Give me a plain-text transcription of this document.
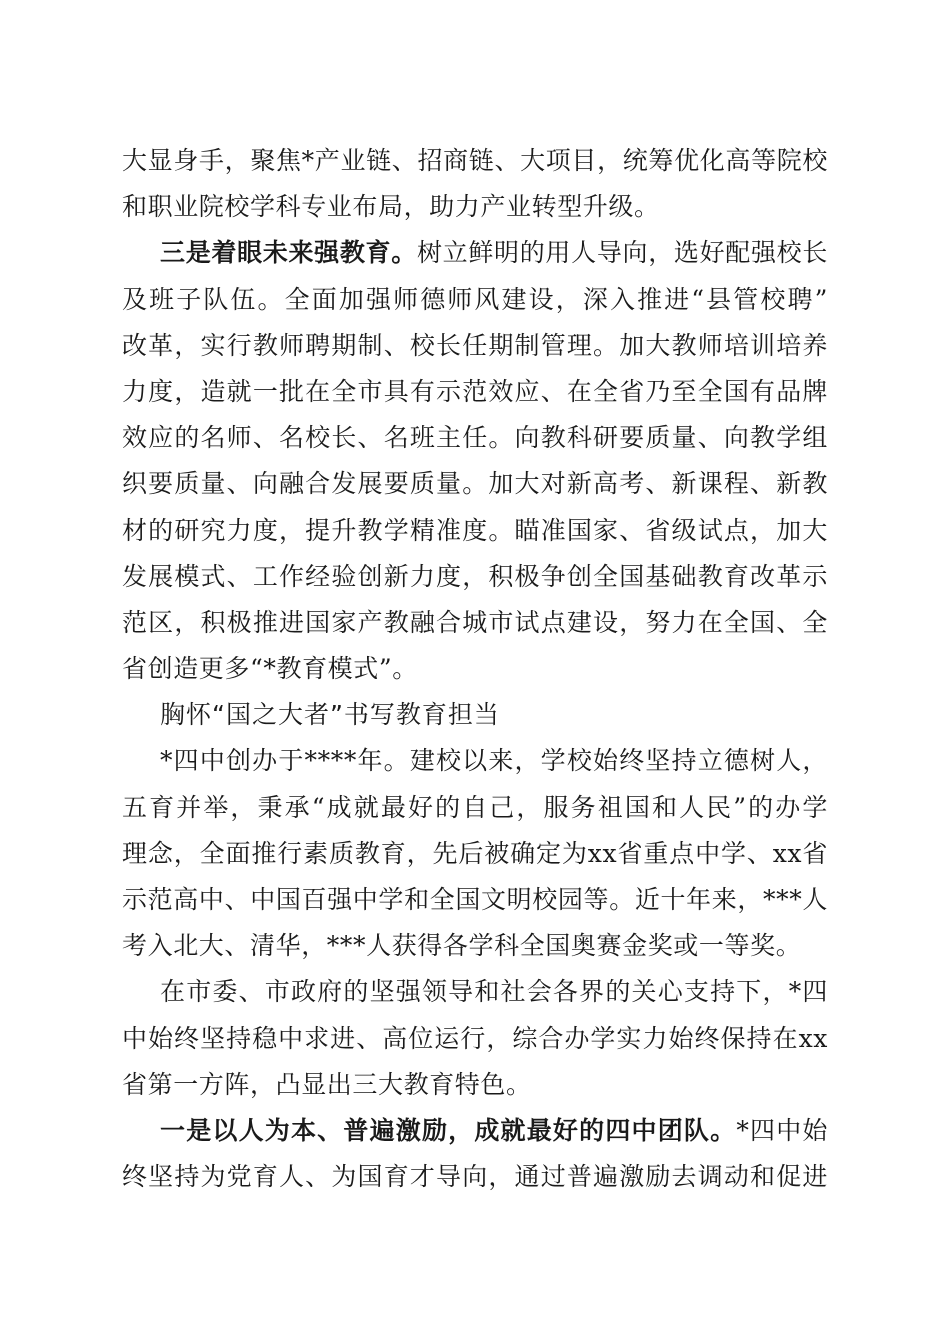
大显身手，聚焦*产业链、招商链、大项目，统筹优化高等院校
和职业院校学科专业布局，助力产业转型升级。
三是着眼未来强教育。树立鲜明的用人导向，选好配强校长
及班子队伍。全面加强师德师风建设，深入推进“县管校聘”
改革，实行教师聘期制、校长任期制管理。加大教师培训培养
力度，造就一批在全市具有示范效应、在全省乃至全国有品牌
效应的名师、名校长、名班主任。向教科研要质量、向教学组
织要质量、向融合发展要质量。加大对新高考、新课程、新教
材的研究力度，提升教学精准度。瞄准国家、省级试点，加大
发展模式、工作经验创新力度，积极争创全国基础教育改革示
范区，积极推进国家产教融合城市试点建设，努力在全国、全
省创造更多“*教育模式”。
胸怀“国之大者”书写教育担当
*四中创办于****年。建校以来，学校始终坚持立德树人，
五育并举，秉承“成就最好的自己，服务祖国和人民”的办学
理念，全面推行素质教育，先后被确定为xx省重点中学、xx省
示范高中、中国百强中学和全国文明校园等。近十年来，***人
考入北大、清华，***人获得各学科全国奥赛金奖或一等奖。
在市委、市政府的坚强领导和社会各界的关心支持下，*四
中始终坚持稳中求进、高位运行，综合办学实力始终保持在xx
省第一方阵，凸显出三大教育特色。
一是以人为本、普遍激励，成就最好的四中团队。*四中始
终坚持为党育人、为国育才导向，通过普遍激励去调动和促进
